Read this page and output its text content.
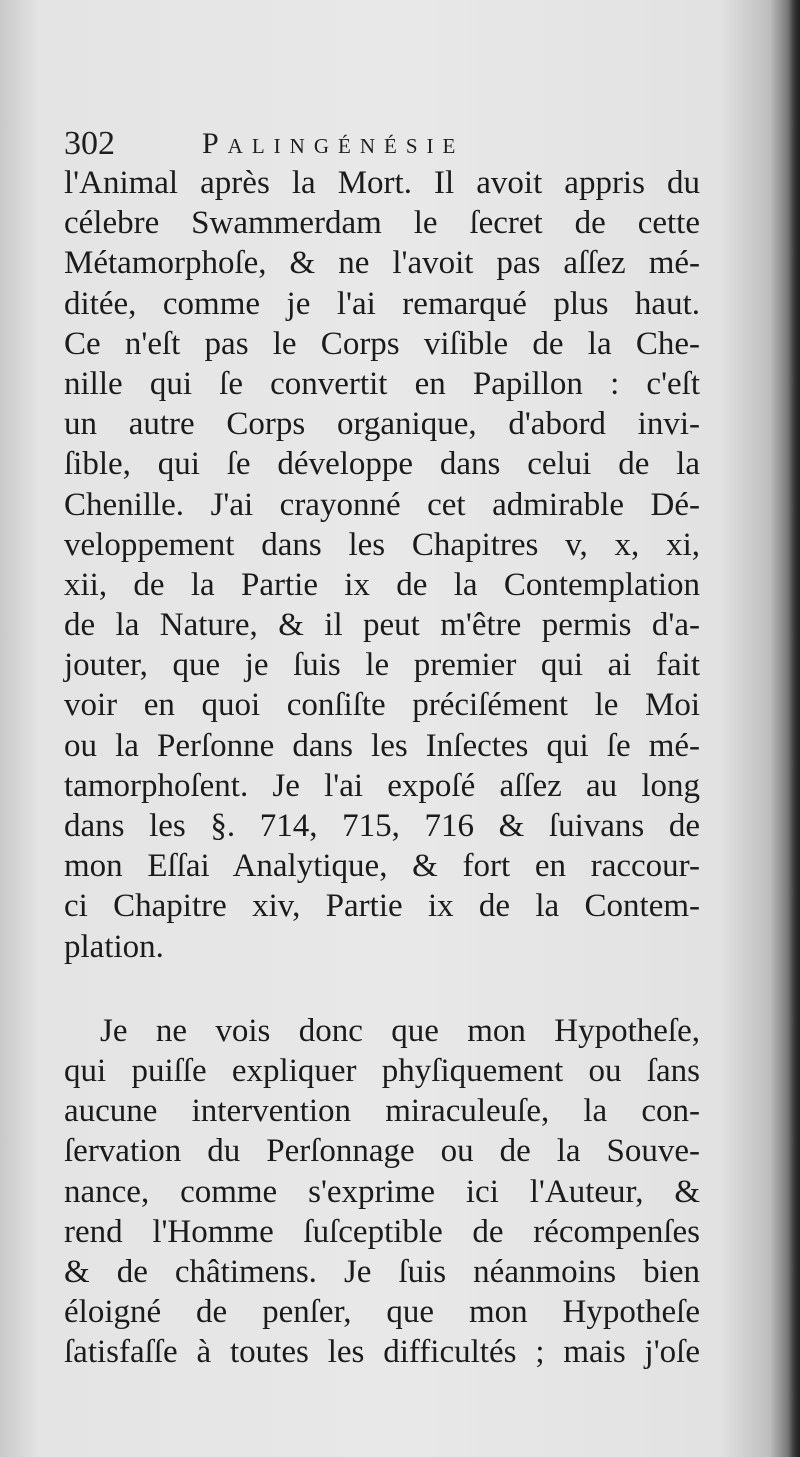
302	Palingénésie
l'Animal après la Mort. Il avoit appris du
célebre Swammerdam le ſecret de cette
Métamorphoſe, & ne l'avoit pas aſſez mé-
ditée, comme je l'ai remarqué plus haut.
Ce n'eſt pas le Corps viſible de la Che-
nille qui ſe convertit en Papillon : c'eſt
un autre Corps organique, d'abord invi-
ſible, qui ſe développe dans celui de la
Chenille. J'ai crayonné cet admirable Dé-
veloppement dans les Chapitres v, x, xi,
xii, de la Partie ix de la Contemplation
de la Nature, & il peut m'être permis d'a-
jouter, que je ſuis le premier qui ai fait
voir en quoi conſiſte préciſément le Moi
ou la Perſonne dans les Inſectes qui ſe mé-
tamorphoſent. Je l'ai expoſé aſſez au long
dans les §. 714, 715, 716 & ſuivans de
mon Eſſai Analytique, & fort en raccour-
ci Chapitre xiv, Partie ix de la Contem-
plation.
Je ne vois donc que mon Hypotheſe,
qui puiſſe expliquer phyſiquement ou ſans
aucune intervention miraculeuſe, la con-
ſervation du Perſonnage ou de la Souve-
nance, comme s'exprime ici l'Auteur, &
rend l'Homme ſuſceptible de récompenſes
& de châtimens. Je ſuis néanmoins bien
éloigné de penſer, que mon Hypotheſe
ſatisfaſſe à toutes les difficultés ; mais j'oſe
